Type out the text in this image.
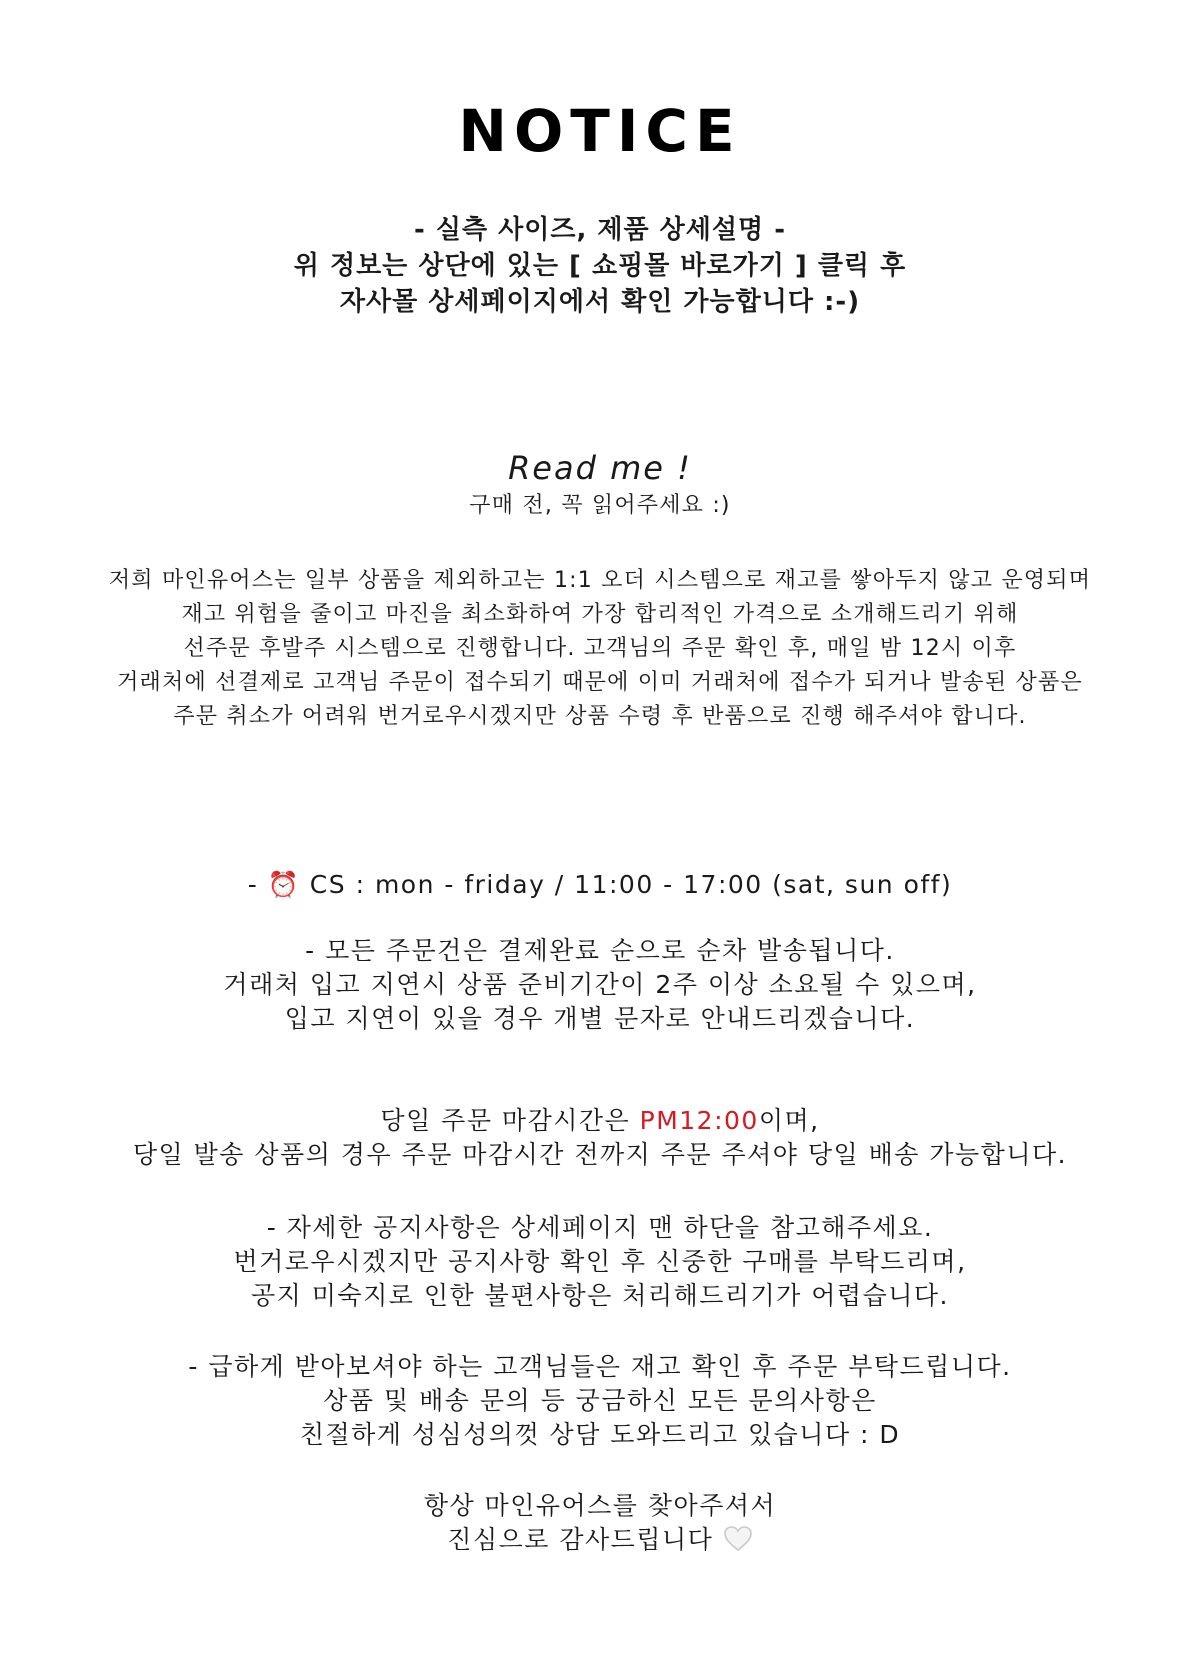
NOTICE
- 실측 사이즈, 제품 상세설명 -
위 정보는 상단에 있는 [ 쇼핑몰 바로가기 ] 클릭 후
자사몰 상세페이지에서 확인 가능합니다 :-)
Read me !
구매 전, 꼭 읽어주세요 :)
저희 마인유어스는 일부 상품을 제외하고는 1:1 오더 시스템으로 재고를 쌓아두지 않고 운영되며
재고 위험을 줄이고 마진을 최소화하여 가장 합리적인 가격으로 소개해드리기 위해
선주문 후발주 시스템으로 진행합니다. 고객님의 주문 확인 후, 매일 밤 12시 이후
거래처에 선결제로 고객님 주문이 접수되기 때문에 이미 거래처에 접수가 되거나 발송된 상품은
주문 취소가 어려워 번거로우시겠지만 상품 수령 후 반품으로 진행 해주셔야 합니다.
- ⏰ CS : mon - friday / 11:00 - 17:00 (sat, sun off)
- 모든 주문건은 결제완료 순으로 순차 발송됩니다.
거래처 입고 지연시 상품 준비기간이 2주 이상 소요될 수 있으며,
입고 지연이 있을 경우 개별 문자로 안내드리겠습니다.
당일 주문 마감시간은 PM12:00이며,
당일 발송 상품의 경우 주문 마감시간 전까지 주문 주셔야 당일 배송 가능합니다.
- 자세한 공지사항은 상세페이지 맨 하단을 참고해주세요.
번거로우시겠지만 공지사항 확인 후 신중한 구매를 부탁드리며,
공지 미숙지로 인한 불편사항은 처리해드리기가 어렵습니다.
- 급하게 받아보셔야 하는 고객님들은 재고 확인 후 주문 부탁드립니다.
상품 및 배송 문의 등 궁금하신 모든 문의사항은
친절하게 성심성의껏 상담 도와드리고 있습니다 : D
항상 마인유어스를 찾아주셔서
진심으로 감사드립니다
